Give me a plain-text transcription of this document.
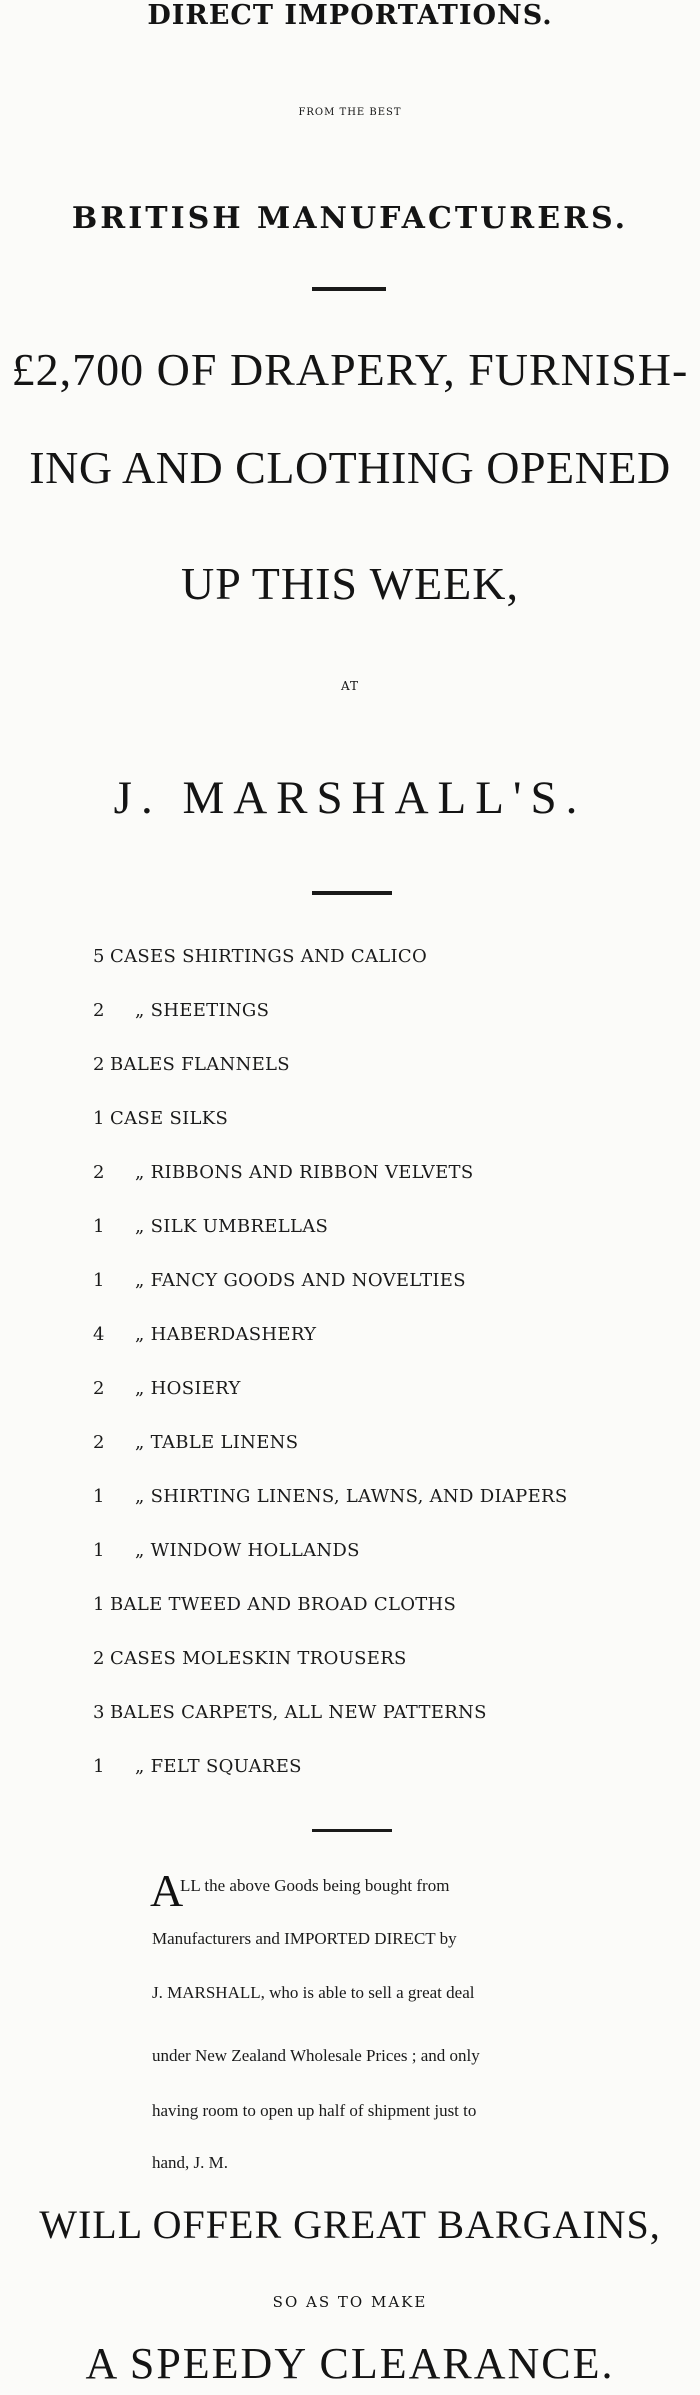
DIRECT IMPORTATIONS.
FROM THE BEST
BRITISH MANUFACTURERS.
£2,700 OF DRAPERY, FURNISH-
ING AND CLOTHING OPENED
UP THIS WEEK,
AT
J. MARSHALL'S.
5 CASES SHIRTINGS AND CALICO
2 „ SHEETINGS
2 BALES FLANNELS
1 CASE SILKS
2 „ RIBBONS AND RIBBON VELVETS
1 „ SILK UMBRELLAS
1 „ FANCY GOODS AND NOVELTIES
4 „ HABERDASHERY
2 „ HOSIERY
2 „ TABLE LINENS
1 „ SHIRTING LINENS, LAWNS, AND DIAPERS
1 „ WINDOW HOLLANDS
1 BALE TWEED AND BROAD CLOTHS
2 CASES MOLESKIN TROUSERS
3 BALES CARPETS, ALL NEW PATTERNS
1 „ FELT SQUARES
A
LL the above Goods being bought from
Manufacturers and IMPORTED DIRECT by
J. MARSHALL, who is able to sell a great deal
under New Zealand Wholesale Prices ; and only
having room to open up half of shipment just to
hand, J. M.
WILL OFFER GREAT BARGAINS,
SO AS TO MAKE
A SPEEDY CLEARANCE.
